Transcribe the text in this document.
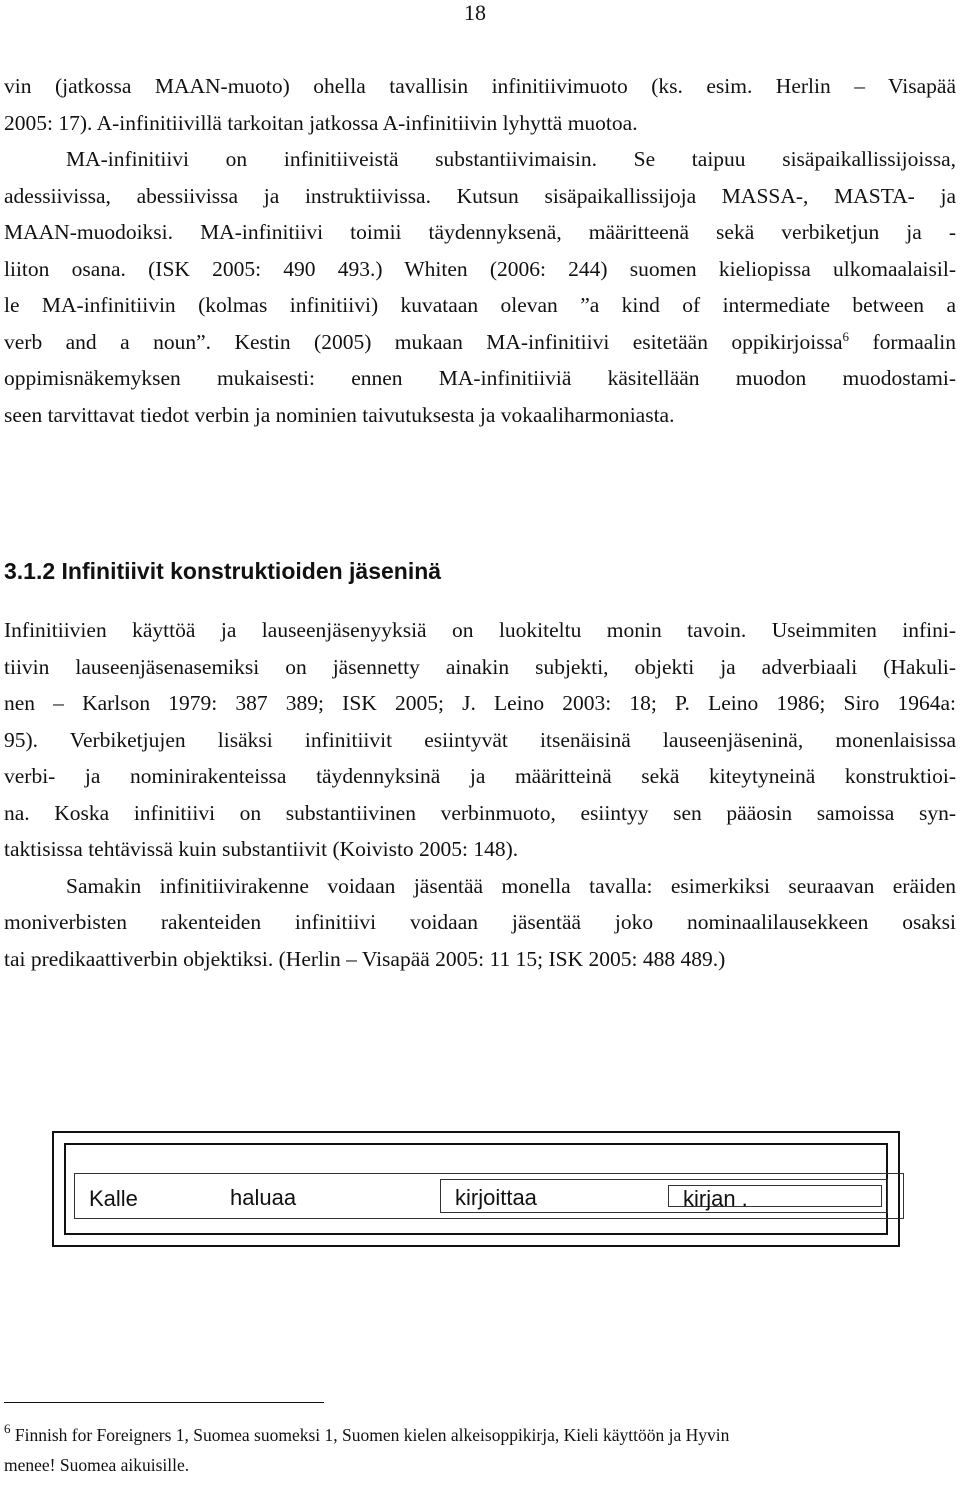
18
vin (jatkossa MAAN-muoto) ohella tavallisin infinitiivimuoto (ks. esim. Herlin – Visapää
2005: 17). A-infinitiivillä tarkoitan jatkossa A-infinitiivin lyhyttä muotoa.
MA-infinitiivi on infinitiiveistä substantiivimaisin. Se taipuu sisäpaikallissijoissa,
adessiivissa, abessiivissa ja instruktiivissa. Kutsun sisäpaikallissijoja MASSA-, MASTA- ja
MAAN-muodoiksi. MA-infinitiivi toimii täydennyksenä, määritteenä sekä verbiketjun ja -
liiton osana. (ISK 2005: 490 493.) Whiten (2006: 244) suomen kieliopissa ulkomaalaisil-
le MA-infinitiivin (kolmas infinitiivi) kuvataan olevan ”a kind of intermediate between a
verb and a noun”. Kestin (2005) mukaan MA-infinitiivi esitetään oppikirjoissa$^6$ formaalin
oppimisnäkemyksen mukaisesti: ennen MA-infinitiiviä käsitellään muodon muodostami-
seen tarvittavat tiedot verbin ja nominien taivutuksesta ja vokaaliharmoniasta.
3.1.2 Infinitiivit konstruktioiden jäseninä
Infinitiivien käyttöä ja lauseenjäsenyyksiä on luokiteltu monin tavoin. Useimmiten infini-
tiivin lauseenjäsenasemiksi on jäsennetty ainakin subjekti, objekti ja adverbiaali (Hakuli-
nen – Karlson 1979: 387 389; ISK 2005; J. Leino 2003: 18; P. Leino 1986; Siro 1964a:
95). Verbiketjujen lisäksi infinitiivit esiintyvät itsenäisinä lauseenjäseninä, monenlaisissa
verbi- ja nominirakenteissa täydennyksinä ja määritteinä sekä kiteytyneinä konstruktioi-
na. Koska infinitiivi on substantiivinen verbinmuoto, esiintyy sen pääosin samoissa syn-
taktisissa tehtävissä kuin substantiivit (Koivisto 2005: 148).
Samakin infinitiivirakenne voidaan jäsentää monella tavalla: esimerkiksi seuraavan eräiden
moniverbisten rakenteiden infinitiivi voidaan jäsentää joko nominaalilausekkeen osaksi
tai predikaattiverbin objektiksi. (Herlin – Visapää 2005: 11 15; ISK 2005: 488 489.)
Kalle	haluaa	kirjoittaa	kirjan .
$^6$ Finnish for Foreigners 1, Suomea suomeksi 1, Suomen kielen alkeisoppikirja, Kieli käyttöön ja Hyvin
menee! Suomea aikuisille.
